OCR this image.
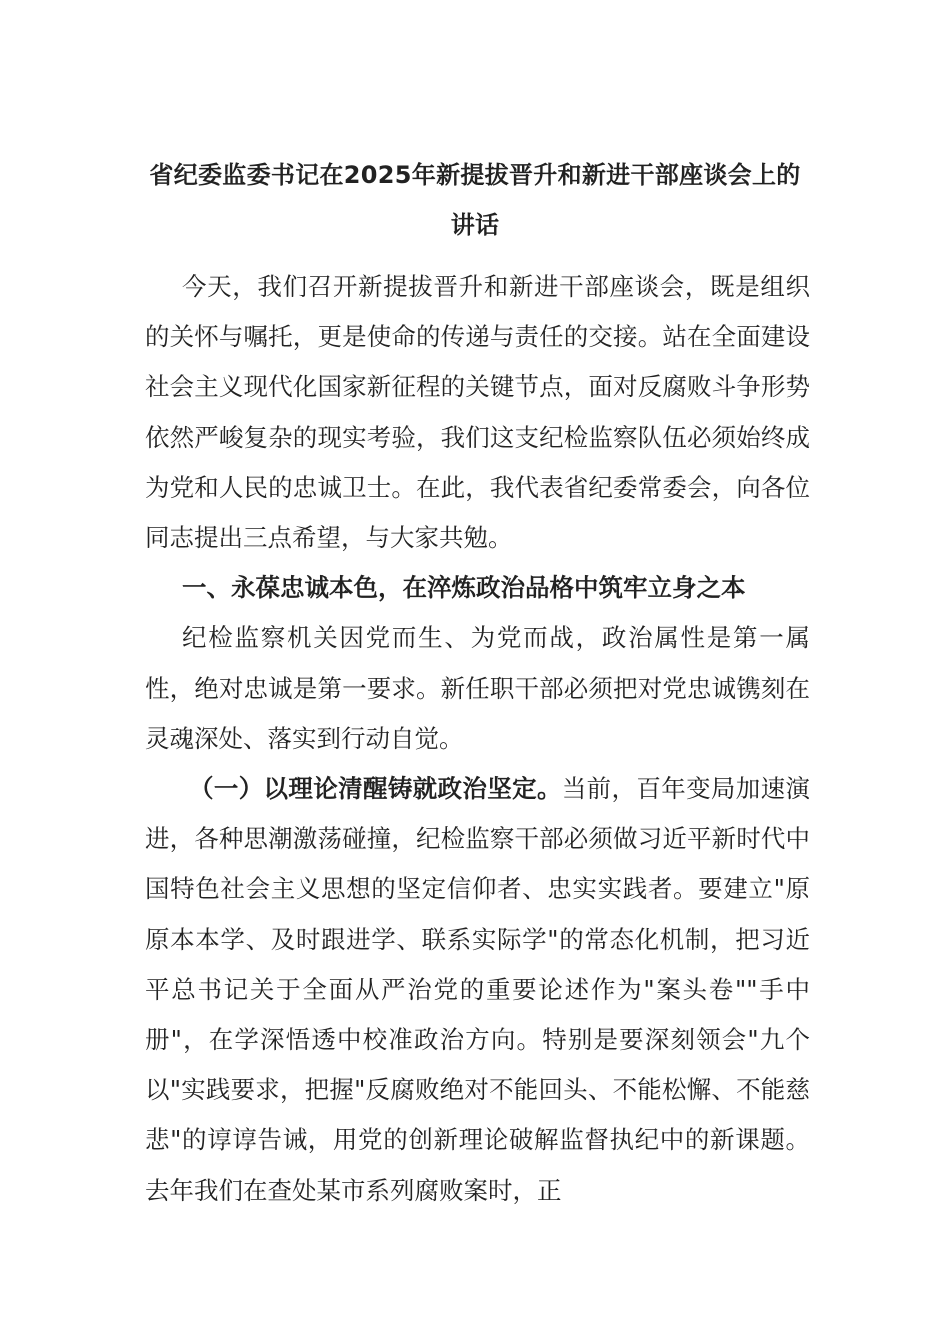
省纪委监委书记在2025年新提拔晋升和新进干部座谈会上的讲话

今天，我们召开新提拔晋升和新进干部座谈会，既是组织的关怀与嘱托，更是使命的传递与责任的交接。站在全面建设社会主义现代化国家新征程的关键节点，面对反腐败斗争形势依然严峻复杂的现实考验，我们这支纪检监察队伍必须始终成为党和人民的忠诚卫士。在此，我代表省纪委常委会，向各位同志提出三点希望，与大家共勉。

一、永葆忠诚本色，在淬炼政治品格中筑牢立身之本

纪检监察机关因党而生、为党而战，政治属性是第一属性，绝对忠诚是第一要求。新任职干部必须把对党忠诚镌刻在灵魂深处、落实到行动自觉。

（一）以理论清醒铸就政治坚定。当前，百年变局加速演进，各种思潮激荡碰撞，纪检监察干部必须做习近平新时代中国特色社会主义思想的坚定信仰者、忠实实践者。要建立"原原本本学、及时跟进学、联系实际学"的常态化机制，把习近平总书记关于全面从严治党的重要论述作为"案头卷""手中册"，在学深悟透中校准政治方向。特别是要深刻领会"九个以"实践要求，把握"反腐败绝对不能回头、不能松懈、不能慈悲"的谆谆告诫，用党的创新理论破解监督执纪中的新课题。去年我们在查处某市系列腐败案时，正
